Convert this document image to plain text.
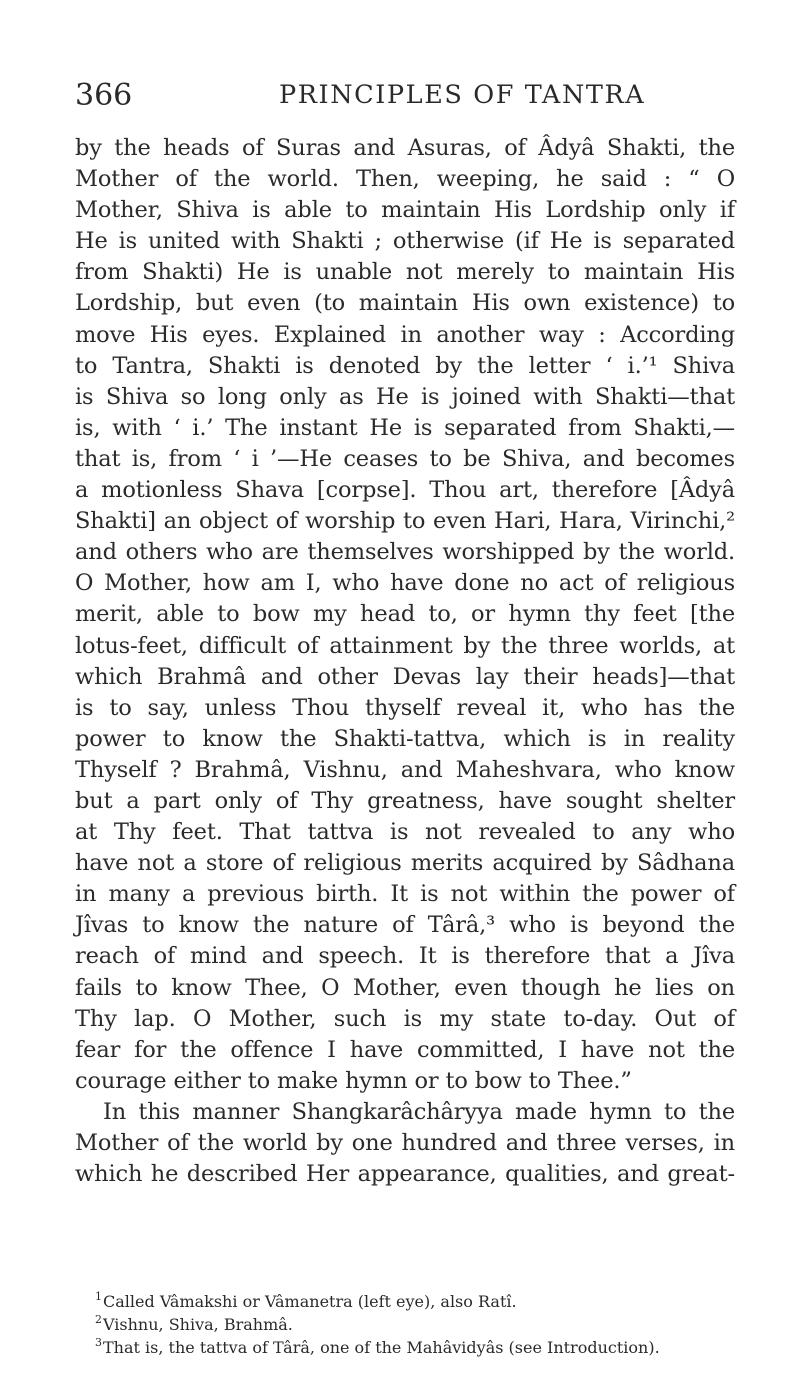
366	PRINCIPLES OF TANTRA
by the heads of Suras and Asuras, of Âdyâ Shakti, the
Mother of the world. Then, weeping, he said : “ O
Mother, Shiva is able to maintain His Lordship only if
He is united with Shakti ; otherwise (if He is separated
from Shakti) He is unable not merely to maintain His
Lordship, but even (to maintain His own existence) to
move His eyes. Explained in another way : According
to Tantra, Shakti is denoted by the letter ‘ i.’¹ Shiva
is Shiva so long only as He is joined with Shakti—that
is, with ‘ i.’ The instant He is separated from Shakti,—
that is, from ‘ i ’—He ceases to be Shiva, and becomes
a motionless Shava [corpse]. Thou art, therefore [Âdyâ
Shakti] an object of worship to even Hari, Hara, Virinchi,²
and others who are themselves worshipped by the world.
O Mother, how am I, who have done no act of religious
merit, able to bow my head to, or hymn thy feet [the
lotus-feet, difficult of attainment by the three worlds, at
which Brahmâ and other Devas lay their heads]—that
is to say, unless Thou thyself reveal it, who has the
power to know the Shakti-tattva, which is in reality
Thyself ? Brahmâ, Vishnu, and Maheshvara, who know
but a part only of Thy greatness, have sought shelter
at Thy feet. That tattva is not revealed to any who
have not a store of religious merits acquired by Sâdhana
in many a previous birth. It is not within the power of
Jîvas to know the nature of Târâ,³ who is beyond the
reach of mind and speech. It is therefore that a Jîva
fails to know Thee, O Mother, even though he lies on
Thy lap. O Mother, such is my state to-day. Out of
fear for the offence I have committed, I have not the
courage either to make hymn or to bow to Thee.”
In this manner Shangkarâchâryya made hymn to the
Mother of the world by one hundred and three verses, in
which he described Her appearance, qualities, and great-
1 Called Vâmakshi or Vâmanetra (left eye), also Ratî.
2 Vishnu, Shiva, Brahmâ.
3 That is, the tattva of Târâ, one of the Mahâvidyâs (see Introduction).
